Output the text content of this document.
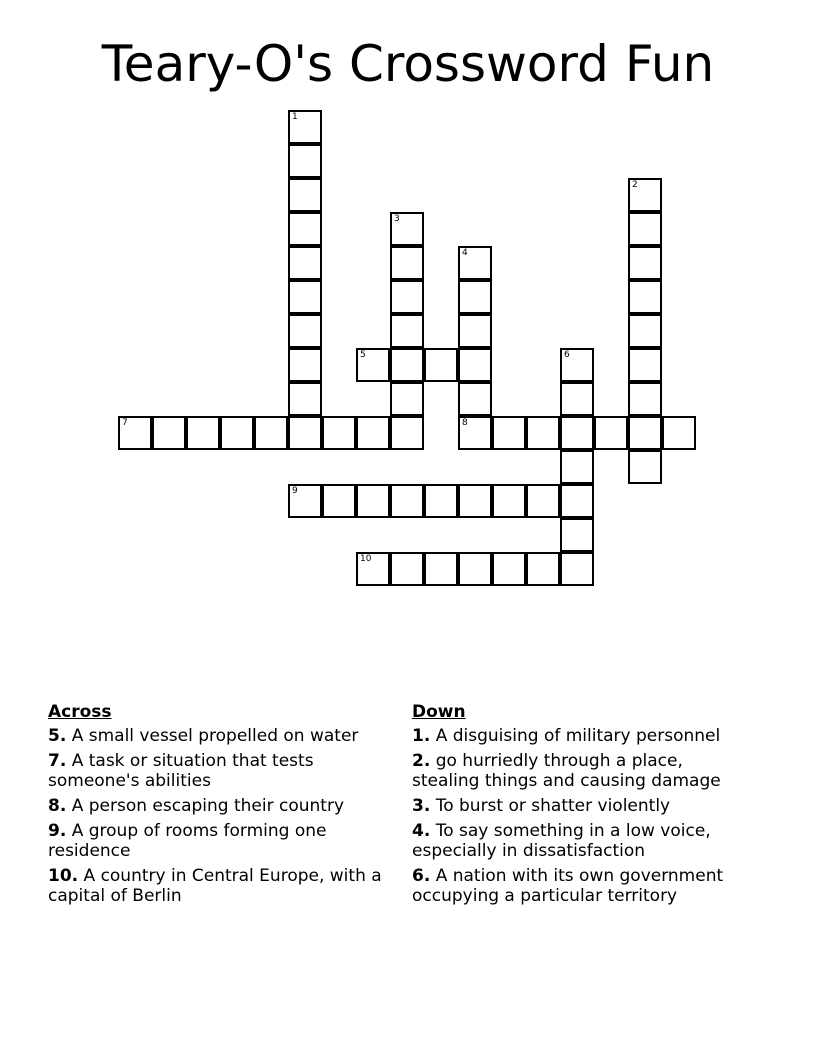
Teary-O's Crossword Fun
1
2
3
4
8
5	6
7
9
10
Across
5. A small vessel propelled on water
7. A task or situation that tests someone's abilities
8. A person escaping their country
9. A group of rooms forming one residence
10. A country in Central Europe, with a capital of Berlin
Down
1. A disguising of military personnel
2. go hurriedly through a place, stealing things and causing damage
3. To burst or shatter violently
4. To say something in a low voice, especially in dissatisfaction
6. A nation with its own government occupying a particular territory
